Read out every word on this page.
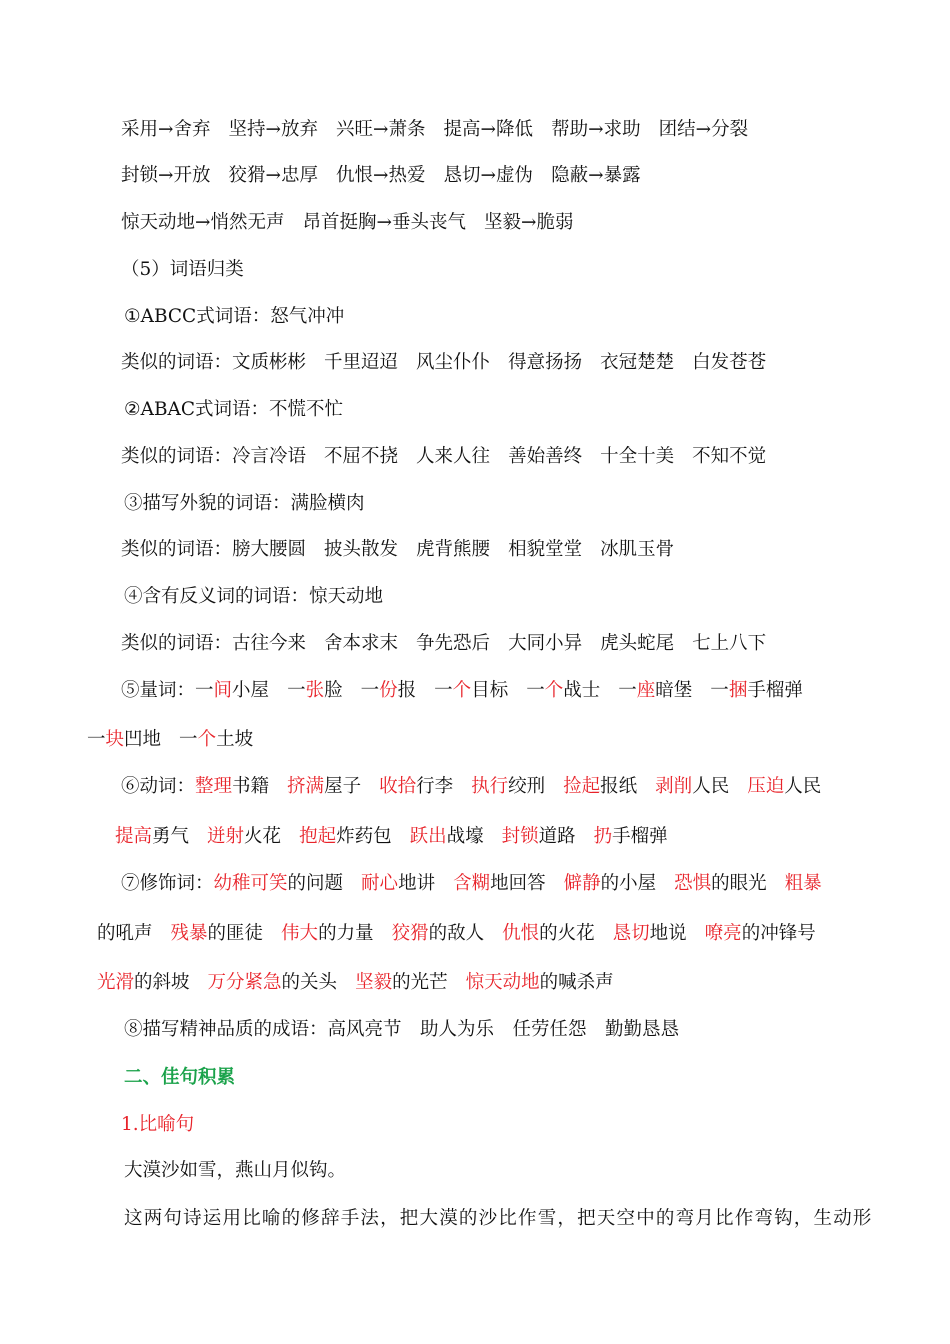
采用→舍弃 坚持→放弃 兴旺→萧条 提高→降低 帮助→求助 团结→分裂
封锁→开放 狡猾→忠厚 仇恨→热爱 恳切→虚伪 隐蔽→暴露
惊天动地→悄然无声 昂首挺胸→垂头丧气 坚毅→脆弱
（5）词语归类
①ABCC式词语：怒气冲冲
类似的词语：文质彬彬 千里迢迢 风尘仆仆 得意扬扬 衣冠楚楚 白发苍苍
②ABAC式词语：不慌不忙
类似的词语：冷言冷语 不屈不挠 人来人往 善始善终 十全十美 不知不觉
③描写外貌的词语：满脸横肉
类似的词语：膀大腰圆 披头散发 虎背熊腰 相貌堂堂 冰肌玉骨
④含有反义词的词语：惊天动地
类似的词语：古往今来 舍本求末 争先恐后 大同小异 虎头蛇尾 七上八下
⑤量词：一间小屋 一张脸 一份报 一个目标 一个战士 一座暗堡 一捆手榴弹
一块凹地 一个土坡
⑥动词：整理书籍 挤满屋子 收拾行李 执行绞刑 捡起报纸 剥削人民 压迫人民
提高勇气 迸射火花 抱起炸药包 跃出战壕 封锁道路 扔手榴弹
⑦修饰词：幼稚可笑的问题 耐心地讲 含糊地回答 僻静的小屋 恐惧的眼光 粗暴
的吼声 残暴的匪徒 伟大的力量 狡猾的敌人 仇恨的火花 恳切地说 嘹亮的冲锋号
光滑的斜坡 万分紧急的关头 坚毅的光芒 惊天动地的喊杀声
⑧描写精神品质的成语：高风亮节　助人为乐　任劳任怨　勤勤恳恳
二、佳句积累
1.比喻句
大漠沙如雪，燕山月似钩。
这两句诗运用比喻的修辞手法，把大漠的沙比作雪，把天空中的弯月比作弯钩，生动形
